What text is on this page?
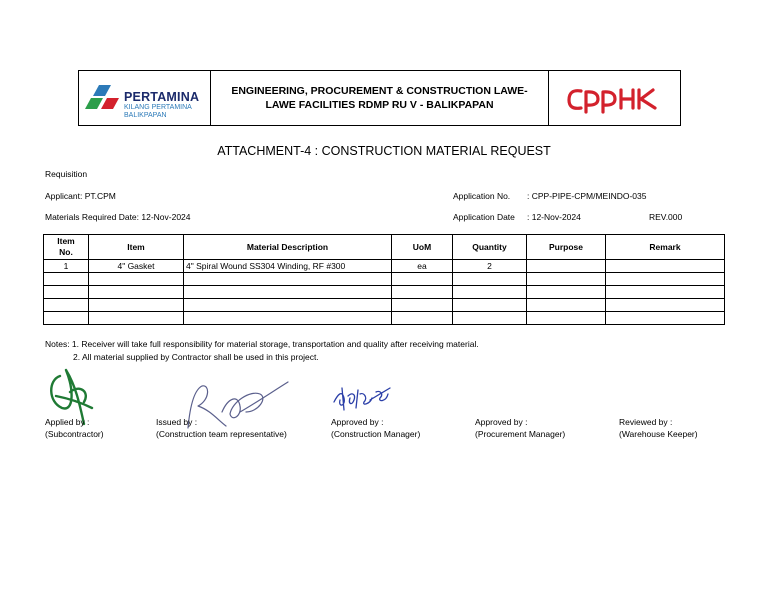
PERTAMINA
KILANG PERTAMINA
BALIKPAPAN
ENGINEERING, PROCUREMENT & CONSTRUCTION LAWE-
LAWE FACILITIES RDMP RU V - BALIKPAPAN
ATTACHMENT-4 : CONSTRUCTION MATERIAL REQUEST
Requisition
Applicant: PT.CPM
Materials Required Date: 12-Nov-2024
Application No. : CPP-PIPE-CPM/MEINDO-035
Application Date : 12-Nov-2024	REV.000
Item
No.	Item	Material Description	UoM	Quantity	Purpose	Remark
1	4" Gasket	4" Spiral Wound SS304 Winding, RF #300	ea	2		

Notes: 1. Receiver will take full responsibility for material storage, transportation and quality after receiving material.
2. All material supplied by Contractor shall be used in this project.
Applied by :
(Subcontractor)
Issued by :
(Construction team representative)
Approved by :
(Construction Manager)
Approved by :
(Procurement Manager)
Reviewed by :
(Warehouse Keeper)
